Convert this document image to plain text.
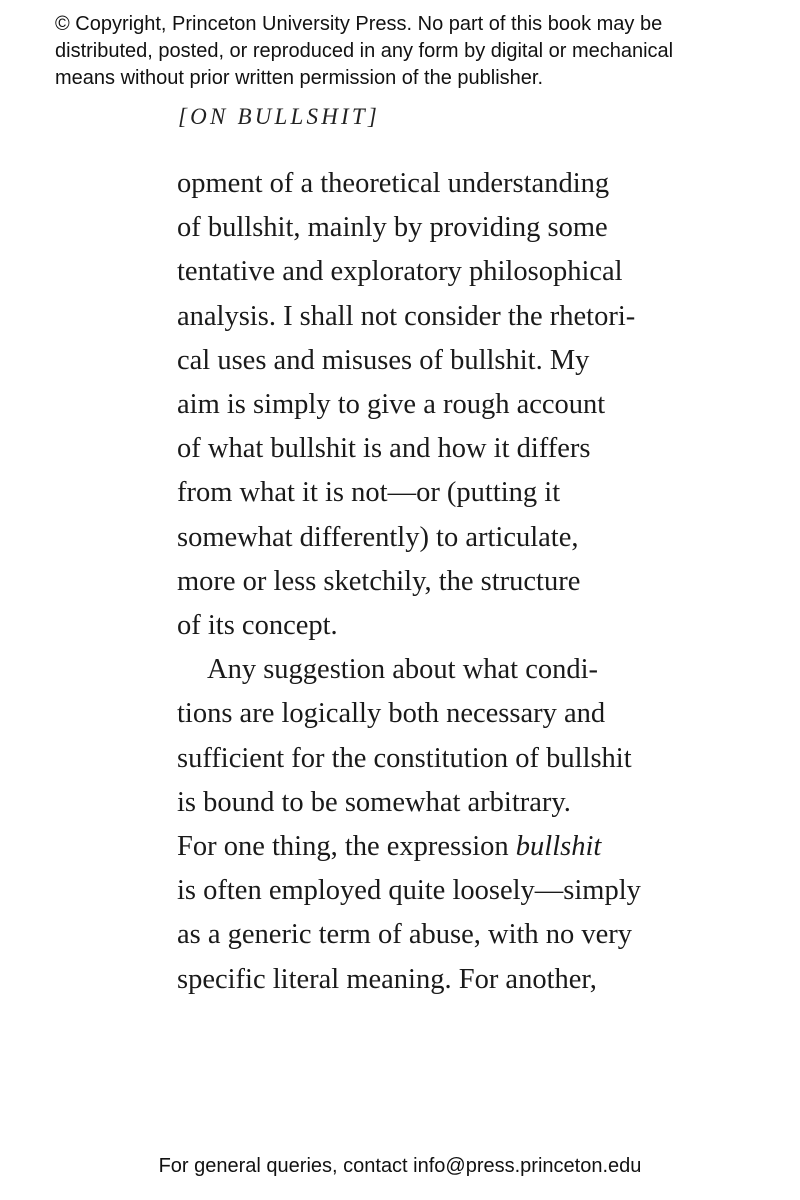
© Copyright, Princeton University Press. No part of this book may be
distributed, posted, or reproduced in any form by digital or mechanical
means without prior written permission of the publisher.
[ON BULLSHIT]
opment of a theoretical understanding
of bullshit, mainly by providing some
tentative and exploratory philosophical
analysis. I shall not consider the rhetori-
cal uses and misuses of bullshit. My
aim is simply to give a rough account
of what bullshit is and how it differs
from what it is not—or (putting it
somewhat differently) to articulate,
more or less sketchily, the structure
of its concept.
Any suggestion about what condi-
tions are logically both necessary and
sufficient for the constitution of bullshit
is bound to be somewhat arbitrary.
For one thing, the expression bullshit
is often employed quite loosely—simply
as a generic term of abuse, with no very
specific literal meaning. For another,
For general queries, contact info@press.princeton.edu
